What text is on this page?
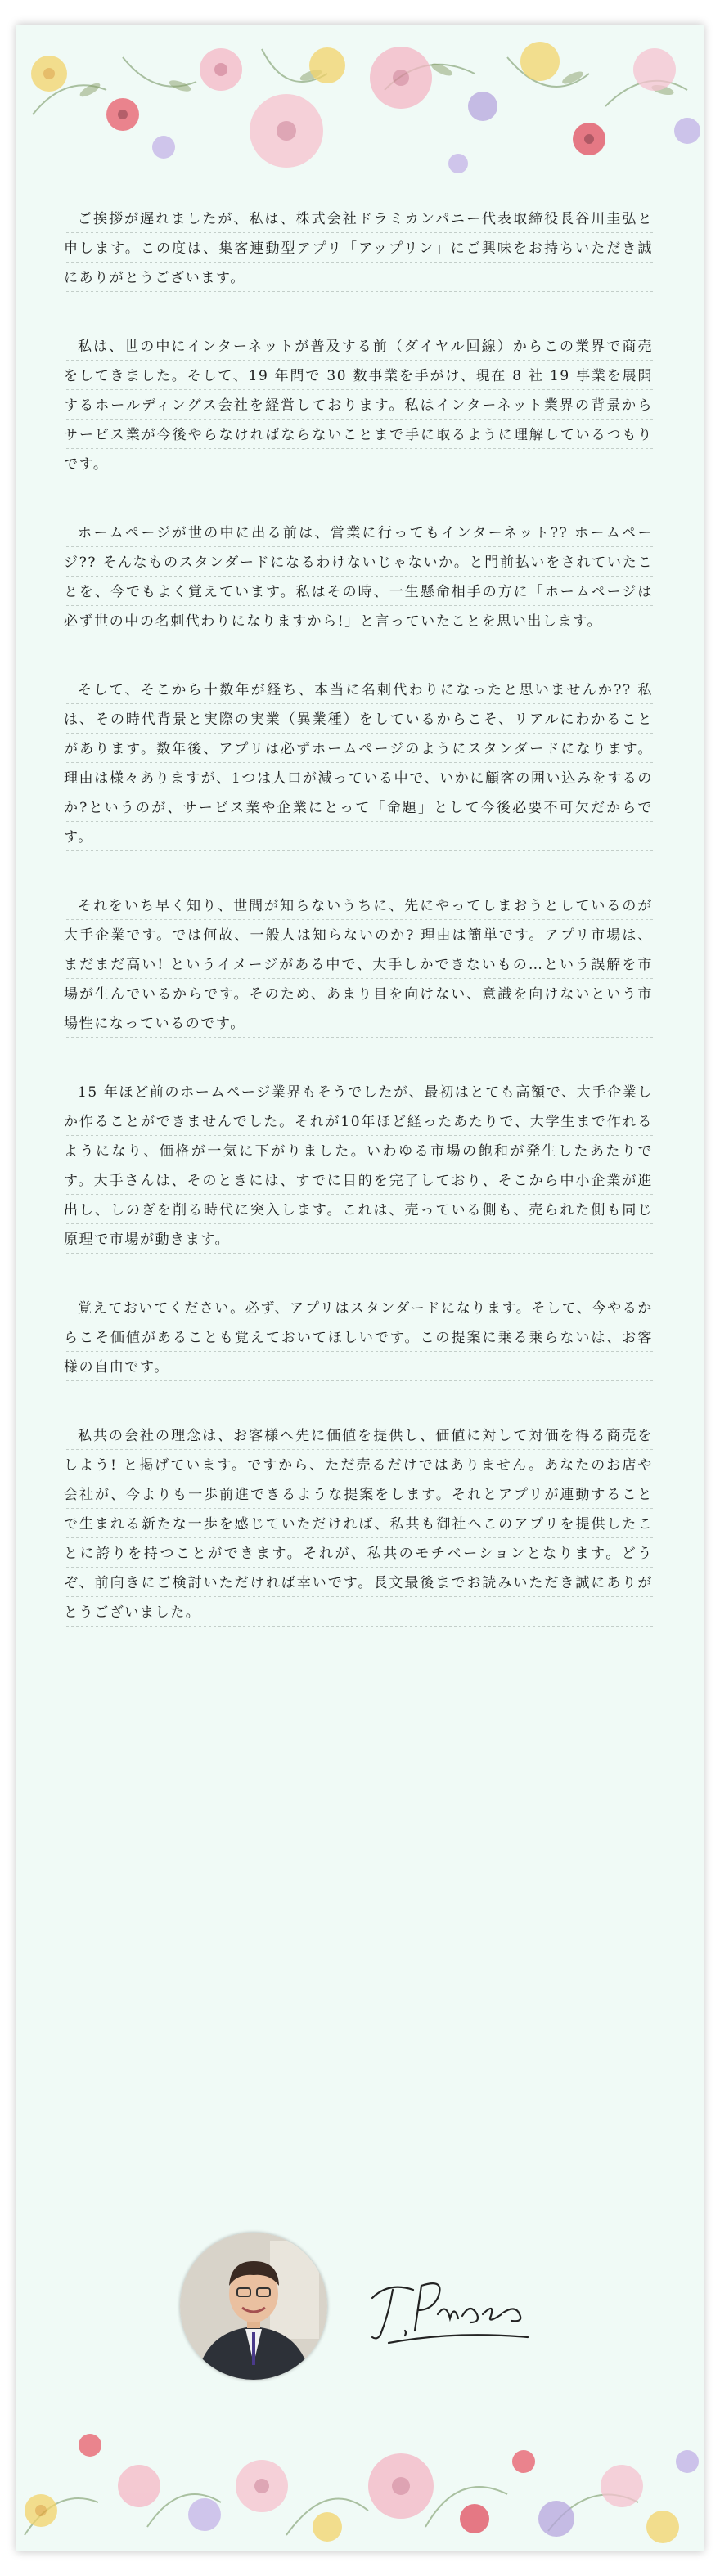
ご挨拶が遅れましたが、私は、株式会社ドラミカンパニー代表取締役長谷川圭弘と申します。この度は、集客連動型アプリ「アップリン」にご興味をお持ちいただき誠にありがとうございます。

私は、世の中にインターネットが普及する前（ダイヤル回線）からこの業界で商売をしてきました。そして、19 年間で 30 数事業を手がけ、現在 8 社 19 事業を展開するホールディングス会社を経営しております。私はインターネット業界の背景からサービス業が今後やらなければならないことまで手に取るように理解しているつもりです。

ホームページが世の中に出る前は、営業に行ってもインターネット?? ホームページ?? そんなものスタンダードになるわけないじゃないか。と門前払いをされていたことを、今でもよく覚えています。私はその時、一生懸命相手の方に「ホームページは必ず世の中の名刺代わりになりますから!」と言っていたことを思い出します。

そして、そこから十数年が経ち、本当に名刺代わりになったと思いませんか?? 私は、その時代背景と実際の実業（異業種）をしているからこそ、リアルにわかることがあります。数年後、アプリは必ずホームページのようにスタンダードになります。理由は様々ありますが、1つは人口が減っている中で、いかに顧客の囲い込みをするのか?というのが、サービス業や企業にとって「命題」として今後必要不可欠だからです。

それをいち早く知り、世間が知らないうちに、先にやってしまおうとしているのが大手企業です。では何故、一般人は知らないのか? 理由は簡単です。アプリ市場は、まだまだ高い! というイメージがある中で、大手しかできないもの…という誤解を市場が生んでいるからです。そのため、あまり目を向けない、意識を向けないという市場性になっているのです。

15 年ほど前のホームページ業界もそうでしたが、最初はとても高額で、大手企業しか作ることができませんでした。それが10年ほど経ったあたりで、大学生まで作れるようになり、価格が一気に下がりました。いわゆる市場の飽和が発生したあたりです。大手さんは、そのときには、すでに目的を完了しており、そこから中小企業が進出し、しのぎを削る時代に突入します。これは、売っている側も、売られた側も同じ原理で市場が動きます。

覚えておいてください。必ず、アプリはスタンダードになります。そして、今やるからこそ価値があることも覚えておいてほしいです。この提案に乗る乗らないは、お客様の自由です。

私共の会社の理念は、お客様へ先に価値を提供し、価値に対して対価を得る商売をしよう! と掲げています。ですから、ただ売るだけではありません。あなたのお店や会社が、今よりも一歩前進できるような提案をします。それとアプリが連動することで生まれる新たな一歩を感じていただければ、私共も御社へこのアプリを提供したことに誇りを持つことができます。それが、私共のモチベーションとなります。どうぞ、前向きにご検討いただければ幸いです。長文最後までお読みいただき誠にありがとうございました。
